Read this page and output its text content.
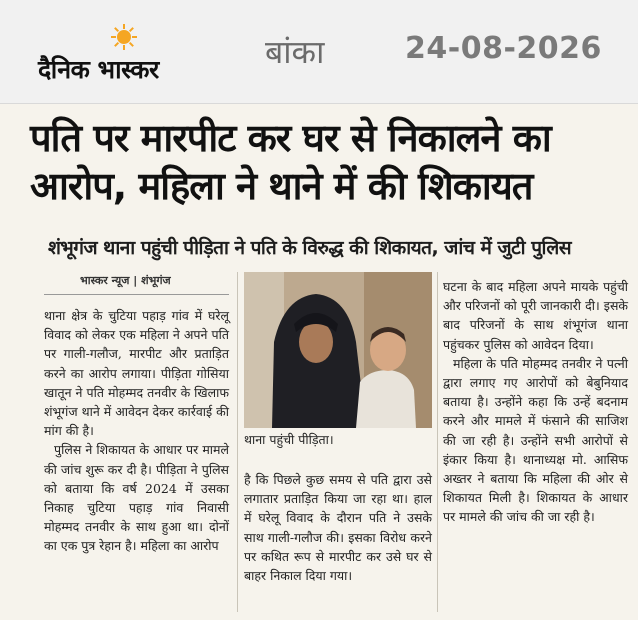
दैनिक भास्कर	बांका	24-08-2026
पति पर मारपीट कर घर से निकालने का
आरोप, महिला ने थाने में की शिकायत
शंभूगंज थाना पहुंची पीड़िता ने पति के विरुद्ध की शिकायत, जांच में जुटी पुलिस
भास्कर न्यूज | शंभूगंज

थाना क्षेत्र के चुटिया पहाड़ गांव में घरेलू विवाद को लेकर एक महिला ने अपने पति पर गाली-गलौज, मारपीट और प्रताड़ित करने का आरोप लगाया। पीड़िता गोसिया खातून ने पति मोहम्मद तनवीर के खिलाफ शंभूगंज थाने में आवेदन देकर कार्रवाई की मांग की है।

पुलिस ने शिकायत के आधार पर मामले की जांच शुरू कर दी है। पीड़िता ने पुलिस को बताया कि वर्ष 2024 में उसका निकाह चुटिया पहाड़ गांव निवासी मोहम्मद तनवीर के साथ हुआ था। दोनों का एक पुत्र रेहान है। महिला का आरोप

थाना पहुंची पीड़िता।

है कि पिछले कुछ समय से पति द्वारा उसे लगातार प्रताड़ित किया जा रहा था। हाल में घरेलू विवाद के दौरान पति ने उसके साथ गाली-गलौज की। इसका विरोध करने पर कथित रूप से मारपीट कर उसे घर से बाहर निकाल दिया गया।

घटना के बाद महिला अपने मायके पहुंची और परिजनों को पूरी जानकारी दी। इसके बाद परिजनों के साथ शंभूगंज थाना पहुंचकर पुलिस को आवेदन दिया।

महिला के पति मोहम्मद तनवीर ने पत्नी द्वारा लगाए गए आरोपों को बेबुनियाद बताया है। उन्होंने कहा कि उन्हें बदनाम करने और मामले में फंसाने की साजिश की जा रही है। उन्होंने सभी आरोपों से इंकार किया है। थानाध्यक्ष मो. आसिफ अख्तर ने बताया कि महिला की ओर से शिकायत मिली है। शिकायत के आधार पर मामले की जांच की जा रही है।
